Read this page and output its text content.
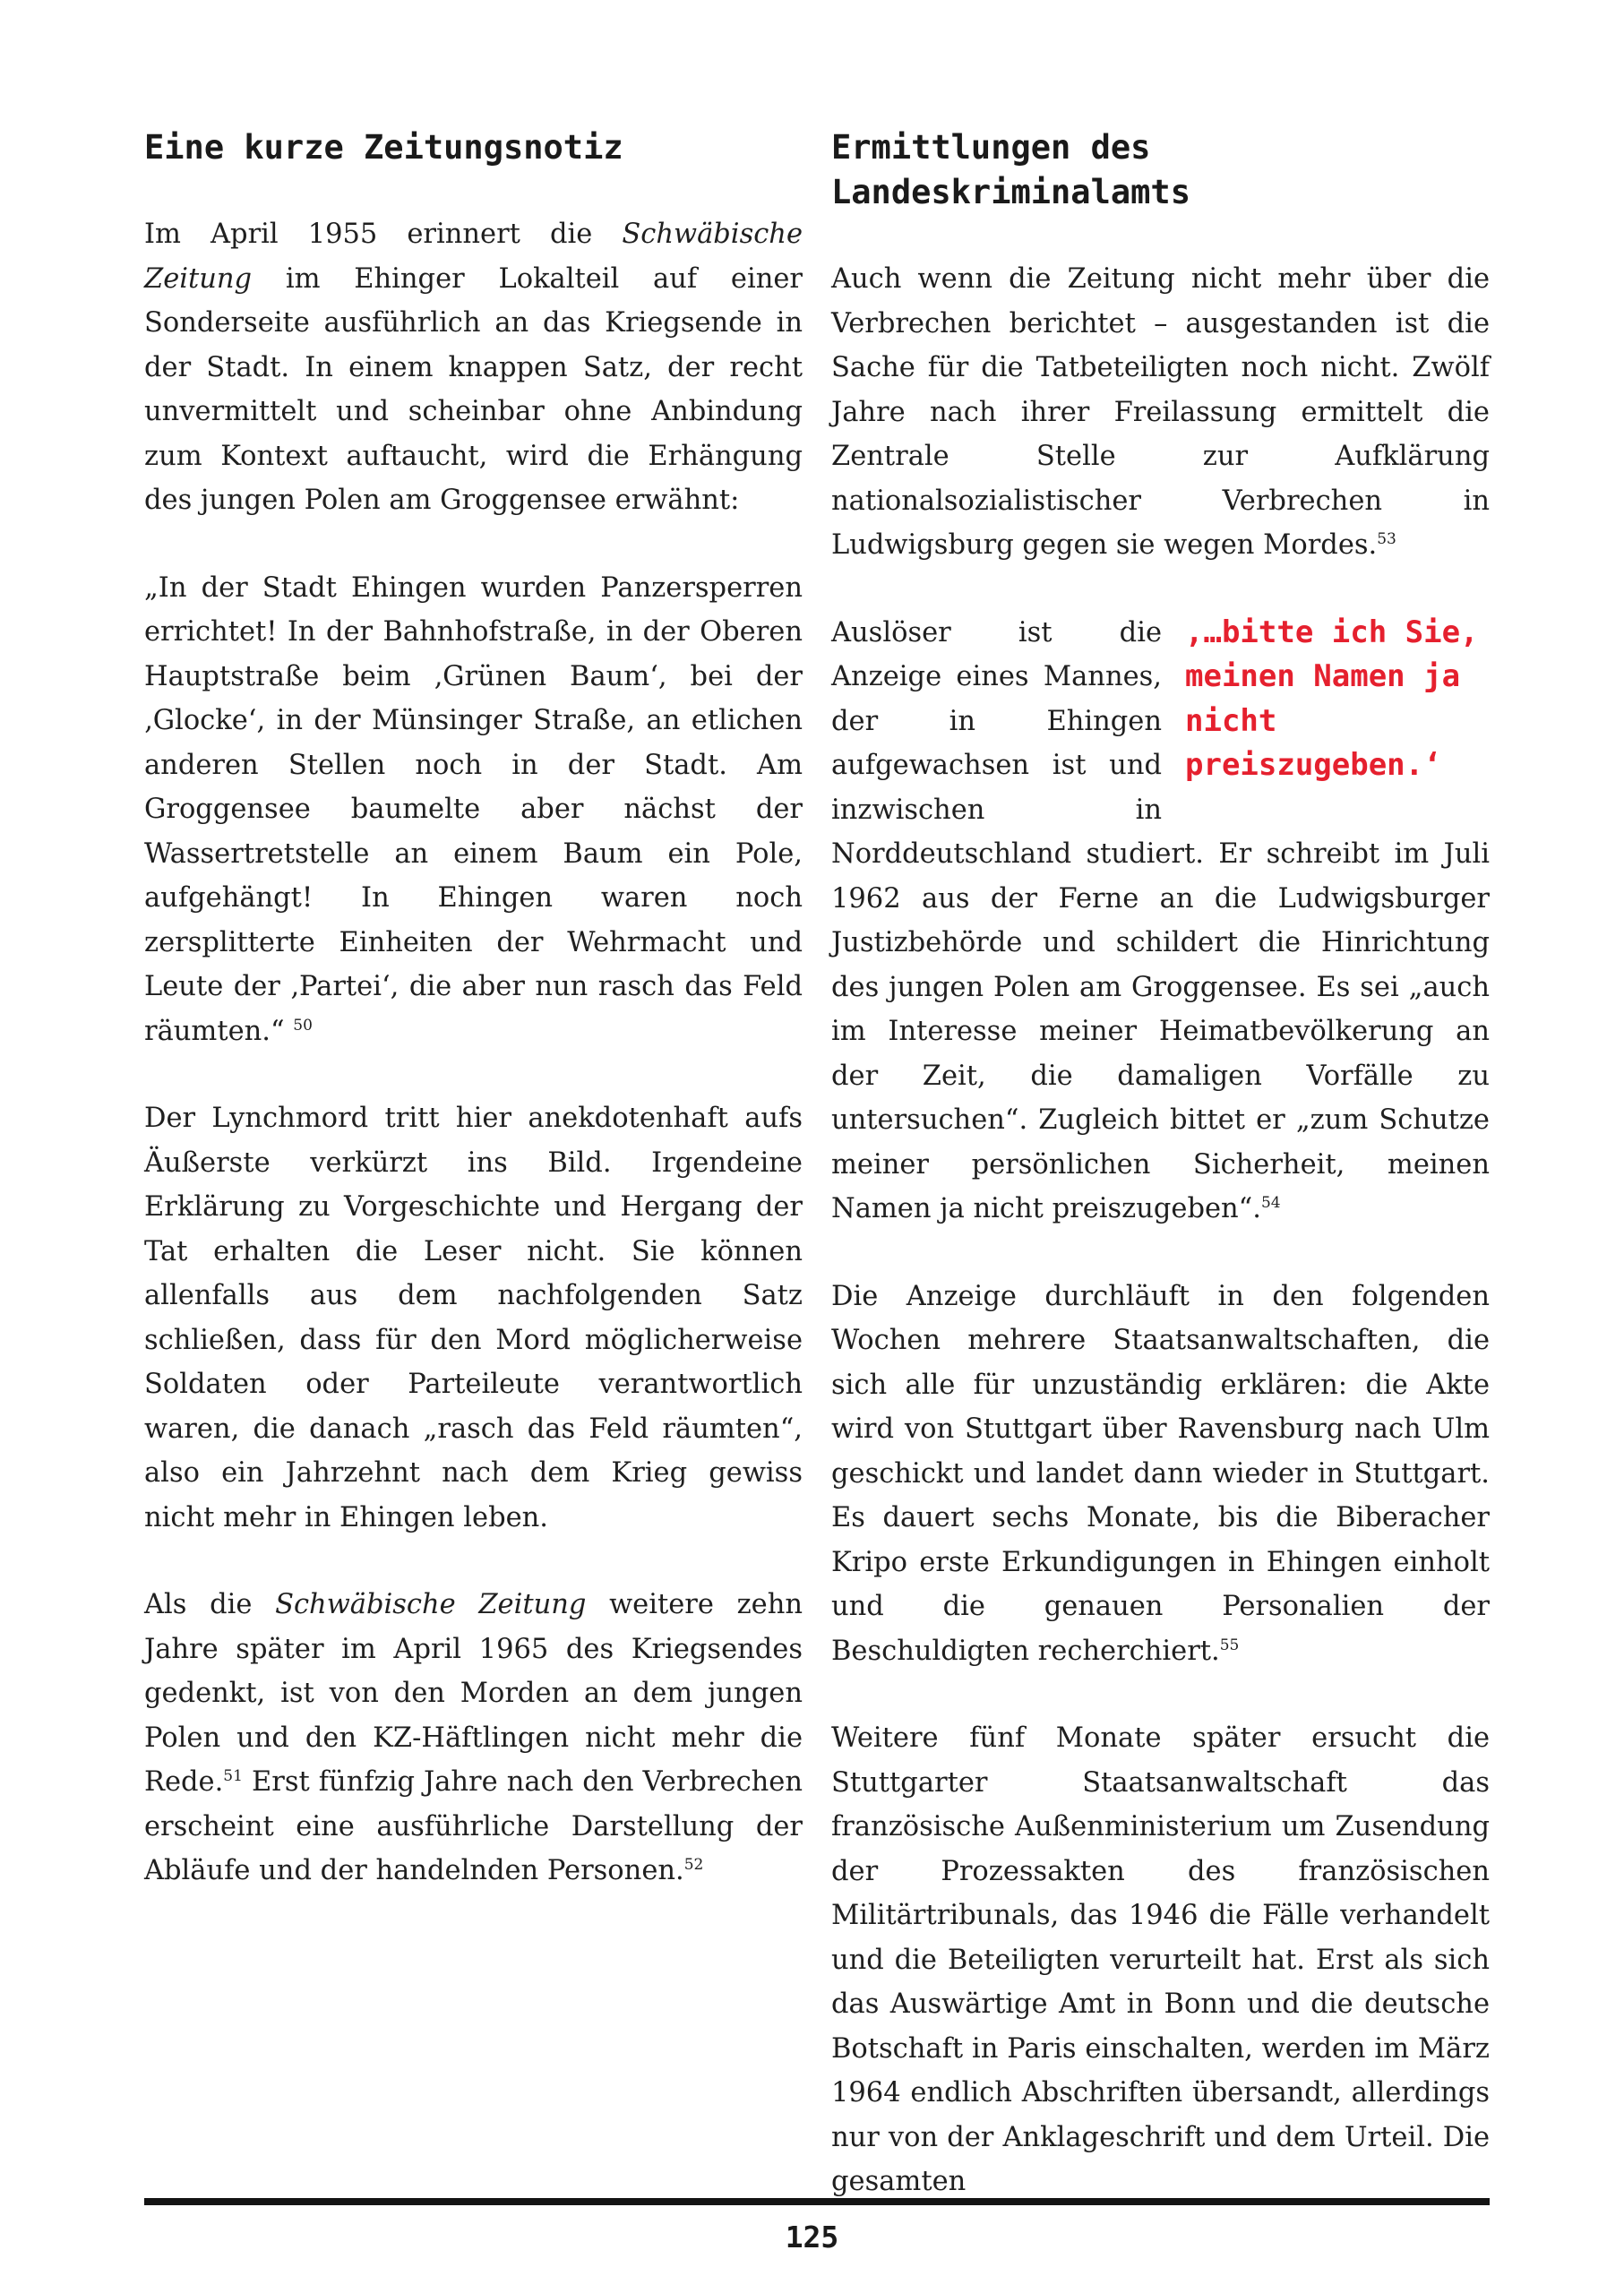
Eine kurze Zeitungsnotiz

Im April 1955 erinnert die Schwäbische Zeitung im Ehinger Lokalteil auf einer Sonderseite ausführlich an das Kriegsende in der Stadt. In einem knappen Satz, der recht unvermittelt und scheinbar ohne Anbindung zum Kontext auftaucht, wird die Erhängung des jungen Polen am Groggensee erwähnt:

„In der Stadt Ehingen wurden Panzersperren errichtet! In der Bahnhofstraße, in der Oberen Hauptstraße beim ‚Grünen Baum‘, bei der ‚Glocke‘, in der Münsinger Straße, an etlichen anderen Stellen noch in der Stadt. Am Groggensee baumelte aber nächst der Wassertretstelle an einem Baum ein Pole, aufgehängt! In Ehingen waren noch zersplitterte Einheiten der Wehrmacht und Leute der ‚Partei‘, die aber nun rasch das Feld räumten.“ $^{50}$

Der Lynchmord tritt hier anekdotenhaft aufs Äußerste verkürzt ins Bild. Irgendeine Erklärung zu Vorgeschichte und Hergang der Tat erhalten die Leser nicht. Sie können allenfalls aus dem nachfolgenden Satz schließen, dass für den Mord möglicherweise Soldaten oder Parteileute verantwortlich waren, die danach „rasch das Feld räumten“, also ein Jahrzehnt nach dem Krieg gewiss nicht mehr in Ehingen leben.

Als die Schwäbische Zeitung weitere zehn Jahre später im April 1965 des Kriegsendes gedenkt, ist von den Morden an dem jungen Polen und den KZ-Häftlingen nicht mehr die Rede.$^{51}$ Erst fünfzig Jahre nach den Verbrechen erscheint eine ausführliche Darstellung der Abläufe und der handelnden Personen.$^{52}$

Ermittlungen des Landeskriminalamts

Auch wenn die Zeitung nicht mehr über die Verbrechen berichtet – ausgestanden ist die Sache für die Tatbeteiligten noch nicht. Zwölf Jahre nach ihrer Freilassung ermittelt die Zentrale Stelle zur Aufklärung nationalsozialistischer Verbrechen in Ludwigsburg gegen sie wegen Mordes.$^{53}$

‚…bitte ich Sie, meinen Namen ja nicht preiszugeben.‘
Auslöser ist die Anzeige eines Mannes, der in Ehingen aufgewachsen ist und inzwischen in Norddeutschland studiert. Er schreibt im Juli 1962 aus der Ferne an die Ludwigsburger Justizbehörde und schildert die Hinrichtung des jungen Polen am Groggensee. Es sei „auch im Interesse meiner Heimatbevölkerung an der Zeit, die damaligen Vorfälle zu untersuchen“. Zugleich bittet er „zum Schutze meiner persönlichen Sicherheit, meinen Namen ja nicht preiszugeben“.$^{54}$

Die Anzeige durchläuft in den folgenden Wochen mehrere Staatsanwaltschaften, die sich alle für unzuständig erklären: die Akte wird von Stuttgart über Ravensburg nach Ulm geschickt und landet dann wieder in Stuttgart. Es dauert sechs Monate, bis die Biberacher Kripo erste Erkundigungen in Ehingen einholt und die genauen Personalien der Beschuldigten recherchiert.$^{55}$

Weitere fünf Monate später ersucht die Stuttgarter Staatsanwaltschaft das französische Außenministerium um Zusendung der Prozessakten des französischen Militärtribunals, das 1946 die Fälle verhandelt und die Beteiligten verurteilt hat. Erst als sich das Auswärtige Amt in Bonn und die deutsche Botschaft in Paris einschalten, werden im März 1964 endlich Abschriften übersandt, allerdings nur von der Anklageschrift und dem Urteil. Die gesamten

125
